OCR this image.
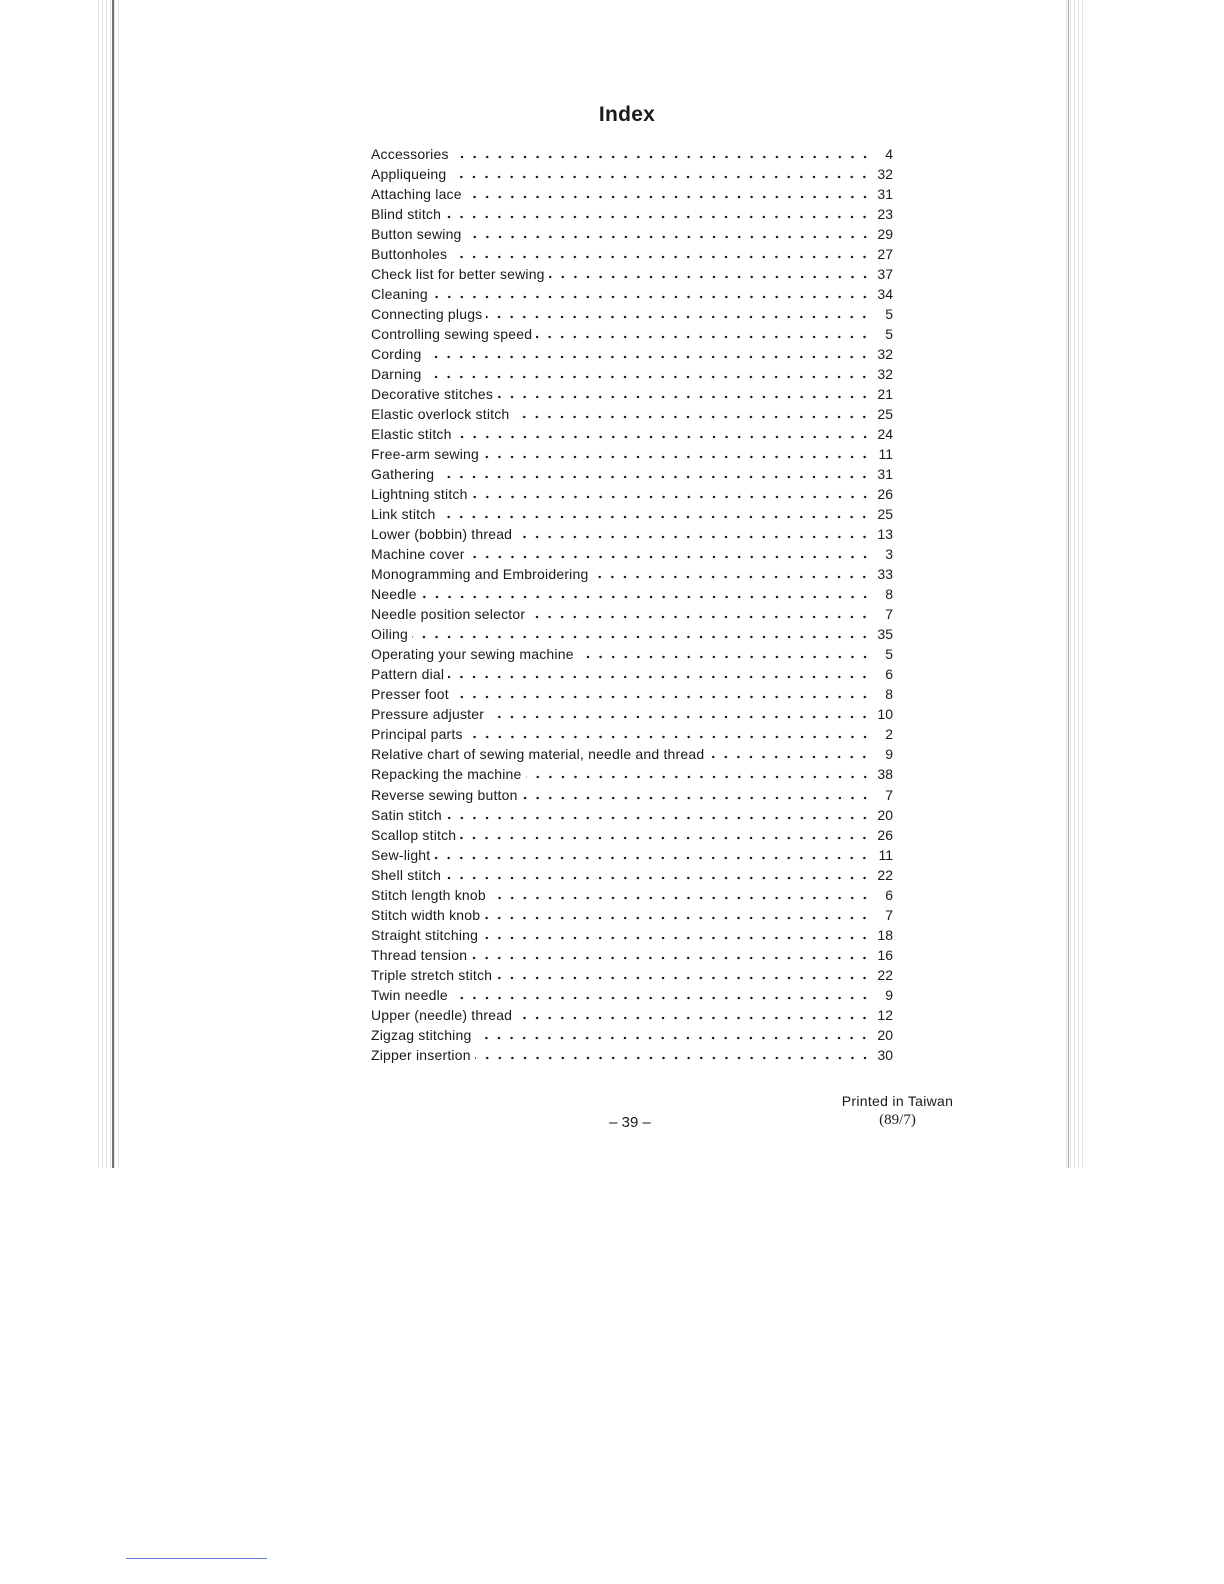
Index
Accessories	4
Appliqueing	32
Attaching lace	31
Blind stitch	23
Button sewing	29
Buttonholes	27
Check list for better sewing	37
Cleaning	34
Connecting plugs	5
Controlling sewing speed	5
Cording	32
Darning	32
Decorative stitches	21
Elastic overlock stitch	25
Elastic stitch	24
Free-arm sewing	11
Gathering	31
Lightning stitch	26
Link stitch	25
Lower (bobbin) thread	13
Machine cover	3
Monogramming and Embroidering	33
Needle	8
Needle position selector	7
Oiling	35
Operating your sewing machine	5
Pattern dial	6
Presser foot	8
Pressure adjuster	10
Principal parts	2
Relative chart of sewing material, needle and thread	9
Repacking the machine	38
Reverse sewing button	7
Satin stitch	20
Scallop stitch	26
Sew-light	11
Shell stitch	22
Stitch length knob	6
Stitch width knob	7
Straight stitching	18
Thread tension	16
Triple stretch stitch	22
Twin needle	9
Upper (needle) thread	12
Zigzag stitching	20
Zipper insertion	30
– 39 –
Printed in Taiwan
(89/7)
